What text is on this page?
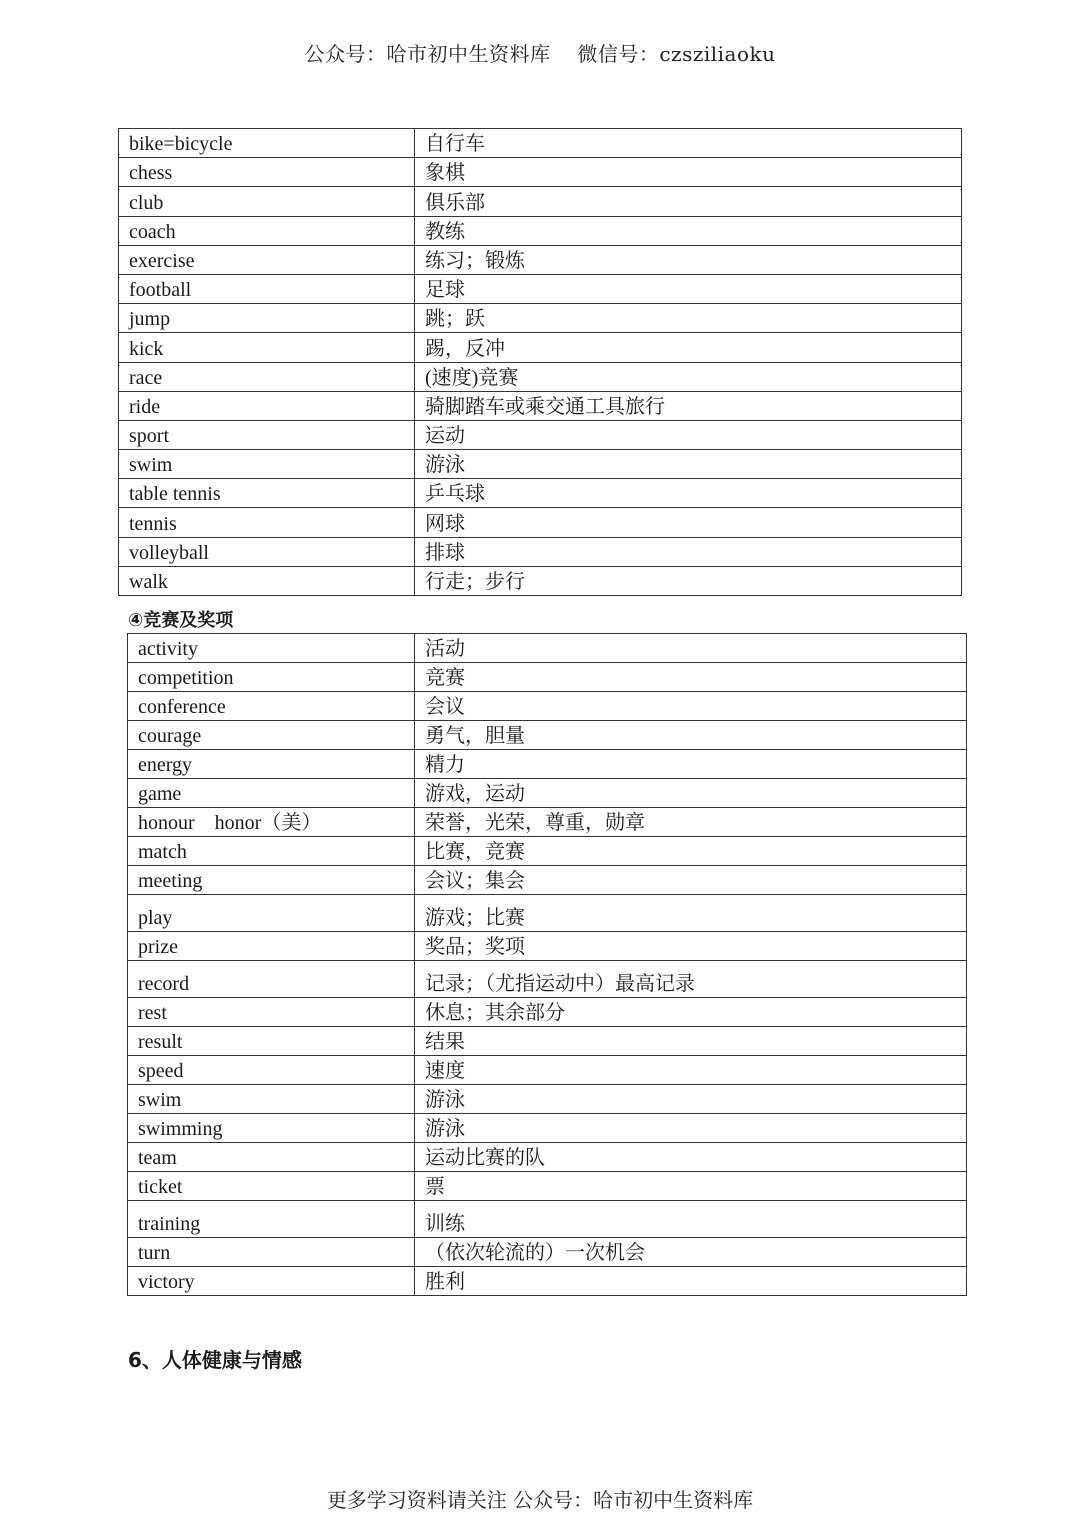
公众号：哈市初中生资料库 微信号：czsziliaoku
bike=bicycle	自行车
chess	象棋
club	俱乐部
coach	教练
exercise	练习；锻炼
football	足球
jump	跳；跃
kick	踢，反冲
race	(速度)竞赛
ride	骑脚踏车或乘交通工具旅行
sport	运动
swim	游泳
table tennis	乒乓球
tennis	网球
volleyball	排球
walk	行走；步行
④竞赛及奖项
activity	活动
competition	竞赛
conference	会议
courage	勇气，胆量
energy	精力
game	游戏，运动
honour　honor（美）	荣誉，光荣，尊重，勋章
match	比赛，竞赛
meeting	会议；集会
play	游戏；比赛
prize	奖品；奖项
record	记录；（尤指运动中）最高记录
rest	休息；其余部分
result	结果
speed	速度
swim	游泳
swimming	游泳
team	运动比赛的队
ticket	票
training	训练
turn	（依次轮流的）一次机会
victory	胜利
6、人体健康与情感
更多学习资料请关注 公众号：哈市初中生资料库
